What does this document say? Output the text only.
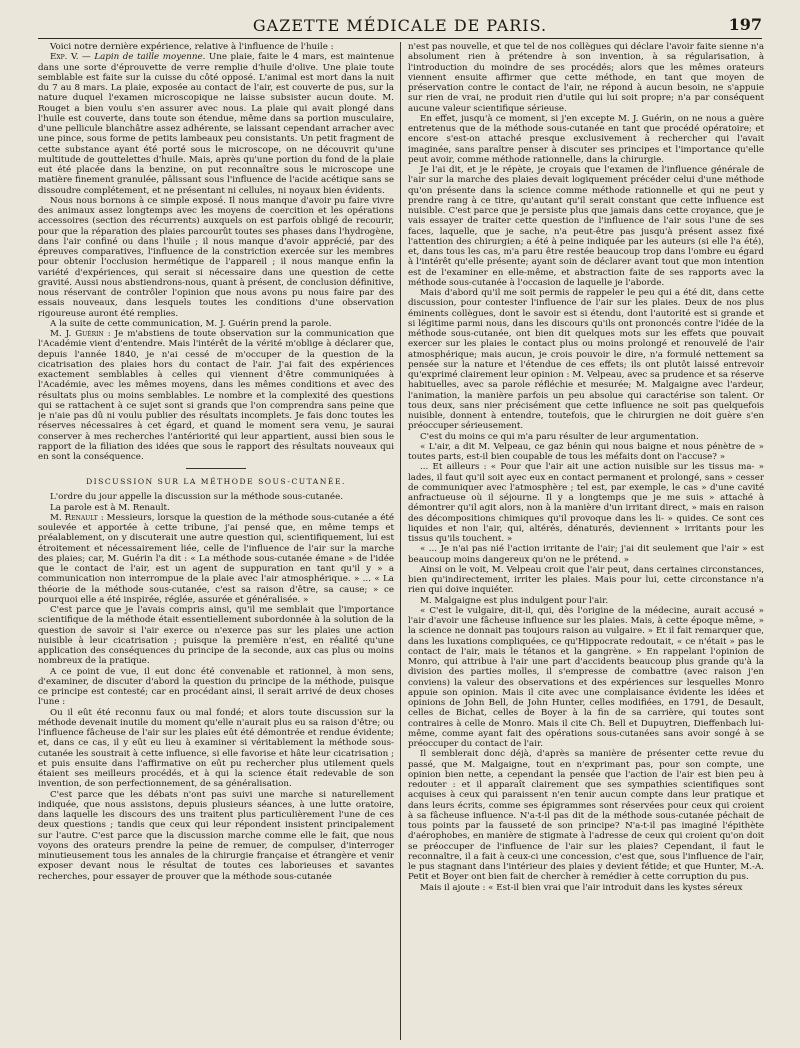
GAZETTE MÉDICALE DE PARIS.	197

Voici notre dernière expérience, relative à l'influence de l'huile :

Exp. V. — Lapin de taille moyenne. Une plaie, faite le 4 mars, est maintenue dans une sorte d'éprouvette de verre remplie d'huile d'olive. Une plaie toute semblable est faite sur la cuisse du côté opposé. L'animal est mort dans la nuit du 7 au 8 mars. La plaie, exposée au contact de l'air, est couverte de pus, sur la nature duquel l'examen microscopique ne laisse subsister aucun doute. M. Rouget a bien voulu s'en assurer avec nous. La plaie qui avait plongé dans l'huile est couverte, dans toute son étendue, même dans sa portion musculaire, d'une pellicule blanchâtre assez adhérente, se laissant cependant arracher avec une pince, sous forme de petits lambeaux peu consistants. Un petit fragment de cette substance ayant été porté sous le microscope, on ne découvrit qu'une multitude de gouttelettes d'huile. Mais, après qu'une portion du fond de la plaie eut été placée dans la benzine, on put reconnaître sous le microscope une matière finement granulée, pâlissant sous l'influence de l'acide acétique sans se dissoudre complétement, et ne présentant ni cellules, ni noyaux bien évidents.

Nous nous bornons à ce simple exposé. Il nous manque d'avoir pu faire vivre des animaux assez longtemps avec les moyens de coercition et les opérations accessoires (section des récurrents) auxquels on est parfois obligé de recourir, pour que la réparation des plaies parcourût toutes ses phases dans l'hydrogène, dans l'air confiné ou dans l'huile ; il nous manque d'avoir apprécié, par des épreuves comparatives, l'influence de la constriction exercée sur les membres pour obtenir l'occlusion hermétique de l'appareil ; il nous manque enfin la variété d'expériences, qui serait si nécessaire dans une question de cette gravité. Aussi nous abstiendrons-nous, quant à présent, de conclusion définitive, nous réservant de contrôler l'opinion que nous avons pu nous faire par des essais nouveaux, dans lesquels toutes les conditions d'une observation rigoureuse auront été remplies.

A la suite de cette communication, M. J. Guérin prend la parole.

M. J. Guérin : Je m'abstiens de toute observation sur la communication que l'Académie vient d'entendre. Mais l'intérêt de la vérité m'oblige à déclarer que, depuis l'année 1840, je n'ai cessé de m'occuper de la question de la cicatrisation des plaies hors du contact de l'air. J'ai fait des expériences exactement semblables à celles qui viennent d'être communiquées à l'Académie, avec les mêmes moyens, dans les mêmes conditions et avec des résultats plus ou moins semblables. Le nombre et la complexité des questions qui se rattachent à ce sujet sont si grands que l'on comprendra sans peine que je n'aie pas dû ni voulu publier des résultats incomplets. Je fais donc toutes les réserves nécessaires à cet égard, et quand le moment sera venu, je saurai conserver à mes recherches l'antériorité qui leur appartient, aussi bien sous le rapport de la filiation des idées que sous le rapport des résultats nouveaux qui en sont la conséquence.

DISCUSSION SUR LA MÉTHODE SOUS-CUTANÉE.

L'ordre du jour appelle la discussion sur la méthode sous-cutanée.

La parole est à M. Renault.

M. Renault : Messieurs, lorsque la question de la méthode sous-cutanée a été soulevée et apportée à cette tribune, j'ai pensé que, en même temps et préalablement, on y discuterait une autre question qui, scientifiquement, lui est étroitement et nécessairement liée, celle de l'influence de l'air sur la marche des plaies; car, M. Guérin l'a dit : « La méthode sous-cutanée émane » de l'idée que le contact de l'air, est un agent de suppuration en tant qu'il y » a communication non interrompue de la plaie avec l'air atmosphérique. » ... « La théorie de la méthode sous-cutanée, c'est sa raison d'être, sa cause; » ce pourquoi elle a été inspirée, réglée, assurée et généralisée. »

C'est parce que je l'avais compris ainsi, qu'il me semblait que l'importance scientifique de la méthode était essentiellement subordonnée à la solution de la question de savoir si l'air exerce ou n'exerce pas sur les plaies une action nuisible à leur cicatrisation ; puisque la première n'est, en réalité qu'une application des conséquences du principe de la seconde, aux cas plus ou moins nombreux de la pratique.

A ce point de vue, il eut donc été convenable et rationnel, à mon sens, d'examiner, de discuter d'abord la question du principe de la méthode, puisque ce principe est contesté; car en procédant ainsi, il serait arrivé de deux choses l'une :

Ou il eût été reconnu faux ou mal fondé; et alors toute discussion sur la méthode devenait inutile du moment qu'elle n'aurait plus eu sa raison d'être; ou l'influence fâcheuse de l'air sur les plaies eût été démontrée et rendue évidente; et, dans ce cas, il y eût eu lieu à examiner si véritablement la méthode sous-cutanée les soustrait à cette influence, si elle favorise et hâte leur cicatrisation ; et puis ensuite dans l'affirmative on eût pu rechercher plus utilement quels étaient ses meilleurs procédés, et à qui la science était redevable de son invention, de son perfectionnement, de sa généralisation.

C'est parce que les débats n'ont pas suivi une marche si naturellement indiquée, que nous assistons, depuis plusieurs séances, à une lutte oratoire, dans laquelle les discours des uns traitent plus particulièrement l'une de ces deux questions ; tandis que ceux qui leur répondent insistent principalement sur l'autre. C'est parce que la discussion marche comme elle le fait, que nous voyons des orateurs prendre la peine de remuer, de compulser, d'interroger minutieusement tous les annales de la chirurgie française et étrangère et venir exposer devant nous le résultat de toutes ces laborieuses et savantes recherches, pour essayer de prouver que la méthode sous-cutanée

n'est pas nouvelle, et que tel de nos collègues qui déclare l'avoir faite sienne n'a absolument rien à prétendre à son invention, à sa régularisation, à l'introduction du moindre de ses procédés; alors que les mêmes orateurs viennent ensuite affirmer que cette méthode, en tant que moyen de préservation contre le contact de l'air, ne répond à aucun besoin, ne s'appuie sur rien de vrai, ne produit rien d'utile qui lui soit propre; n'a par conséquent aucune valeur scientifique sérieuse.

En effet, jusqu'à ce moment, si j'en excepte M. J. Guérin, on ne nous a guère entretenus que de la méthode sous-cutanée en tant que procédé opératoire; et encore s'est-on attaché presque exclusivement à rechercher qui l'avait imaginée, sans paraître penser à discuter ses principes et l'importance qu'elle peut avoir, comme méthode rationnelle, dans la chirurgie.

Je l'ai dit, et je le répète, je croyais que l'examen de l'influence générale de l'air sur la marche des plaies devait logiquement précéder celui d'une méthode qu'on présente dans la science comme méthode rationnelle et qui ne peut y prendre rang à ce titre, qu'autant qu'il serait constant que cette influence est nuisible. C'est parce que je persiste plus que jamais dans cette croyance, que je vais essayer de traiter cette question de l'influence de l'air sous l'une de ses faces, laquelle, que je sache, n'a peut-être pas jusqu'à présent assez fixé l'attention des chirurgien; a été à peine indiquée par les auteurs (si elle l'a été), et, dans tous les cas, m'a paru être restée beaucoup trop dans l'ombre eu égard à l'intérêt qu'elle présente; ayant soin de déclarer avant tout que mon intention est de l'examiner en elle-même, et abstraction faite de ses rapports avec la méthode sous-cutanée à l'occasion de laquelle je l'aborde.

Mais d'abord qu'il me soit permis de rappeler le peu qui a été dit, dans cette discussion, pour contester l'influence de l'air sur les plaies. Deux de nos plus éminents collègues, dont le savoir est si étendu, dont l'autorité est si grande et si légitime parmi nous, dans les discours qu'ils ont prononcés contre l'idée de la méthode sous-cutanée, ont bien dit quelques mots sur les effets que pouvait exercer sur les plaies le contact plus ou moins prolongé et renouvelé de l'air atmosphérique; mais aucun, je crois pouvoir le dire, n'a formulé nettement sa pensée sur la nature et l'étendue de ces effets; ils ont plutôt laissé entrevoir qu'exprimé clairement leur opinion : M. Velpeau, avec sa prudence et sa réserve habituelles, avec sa parole réfléchie et mesurée; M. Malgaigne avec l'ardeur, l'animation, la manière parfois un peu absolue qui caractérise son talent. Or tous deux, sans nier précisément que cette influence ne soit pas quelquefois nuisible, donnent à entendre, toutefois, que le chirurgien ne doit guère s'en préoccuper sérieusement.

C'est du moins ce qui m'a paru résulter de leur argumentation.

« L'air, a dit M. Velpeau, ce gaz bénin qui nous baigne et nous pénètre de » toutes parts, est-il bien coupable de tous les méfaits dont on l'accuse? »

... Et ailleurs : « Pour que l'air ait une action nuisible sur les tissus ma- » lades, il faut qu'il soit ayec eux en contact permanent et prolongé, sans » cesser de communiquer avec l'atmosphère ; tel est, par exemple, le cas » d'une cavité anfractueuse où il séjourne. Il y a longtemps que je me suis » attaché à démontrer qu'il agit alors, non à la manière d'un irritant direct, » mais en raison des décompositions chimiques qu'il provoque dans les li- » quides. Ce sont ces liquides et non l'air, qui, altérés, dénaturés, deviennent » irritants pour les tissus qu'ils touchent. »

« ... Je n'ai pas nié l'action irritante de l'air; j'ai dit seulement que l'air » est beaucoup moins dangereux qu'on ne le prétend. »

Ainsi on le voit, M. Velpeau croit que l'air peut, dans certaines circonstances, bien qu'indirectement, irriter les plaies. Mais pour lui, cette circonstance n'a rien qui doive inquiéter.

M. Malgaigne est plus indulgent pour l'air.

« C'est le vulgaire, dit-il, qui, dès l'origine de la médecine, aurait accusé » l'air d'avoir une fâcheuse influence sur les plaies. Mais, à cette époque même, » la science ne donnait pas toujours raison au vulgaire. » Et il fait remarquer que, dans les luxations compliquées, ce qu'Hippocrate redoutait, « ce n'était » pas le contact de l'air, mais le tétanos et la gangrène. » En rappelant l'opinion de Monro, qui attribue à l'air une part d'accidents beaucoup plus grande qu'à la division des parties molles, il s'empresse de combattre (avec raison j'en conviens) la valeur des observations et des expériences sur lesquelles Monro appuie son opinion. Mais il cite avec une complaisance évidente les idées et opinions de John Bell, de John Hunter, celles modifiées, en 1791, de Desault, celles de Bichat, celles de Boyer à la fin de sa carrière, qui toutes sont contraires à celle de Monro. Mais il cite Ch. Bell et Dupuytren, Dieffenbach lui-même, comme ayant fait des opérations sous-cutanées sans avoir songé à se préoccuper du contact de l'air.

Il semblerait donc déjà, d'après sa manière de présenter cette revue du passé, que M. Malgaigne, tout en n'exprimant pas, pour son compte, une opinion bien nette, a cependant la pensée que l'action de l'air est bien peu à redouter : et il apparaît clairement que ses sympathies scientifiques sont acquises à ceux qui paraissent n'en tenir aucun compte dans leur pratique et dans leurs écrits, comme ses épigrammes sont réservées pour ceux qui croient à sa fâcheuse influence. N'a-t-il pas dit de la méthode sous-cutanée péchait de tous points par la fausseté de son principe? N'a-t-il pas imaginé l'épithète d'aérophobes, en manière de stigmate à l'adresse de ceux qui croient qu'on doit se préoccuper de l'influence de l'air sur les plaies? Cependant, il faut le reconnaître, il a fait à ceux-ci une concession, c'est que, sous l'influence de l'air, le pus stagnant dans l'intérieur des plaies y devient fétide; et que Hunter, M.-A. Petit et Boyer ont bien fait de chercher à remédier à cette corruption du pus.

Mais il ajoute : « Est-il bien vrai que l'air introduit dans les kystes séreux
